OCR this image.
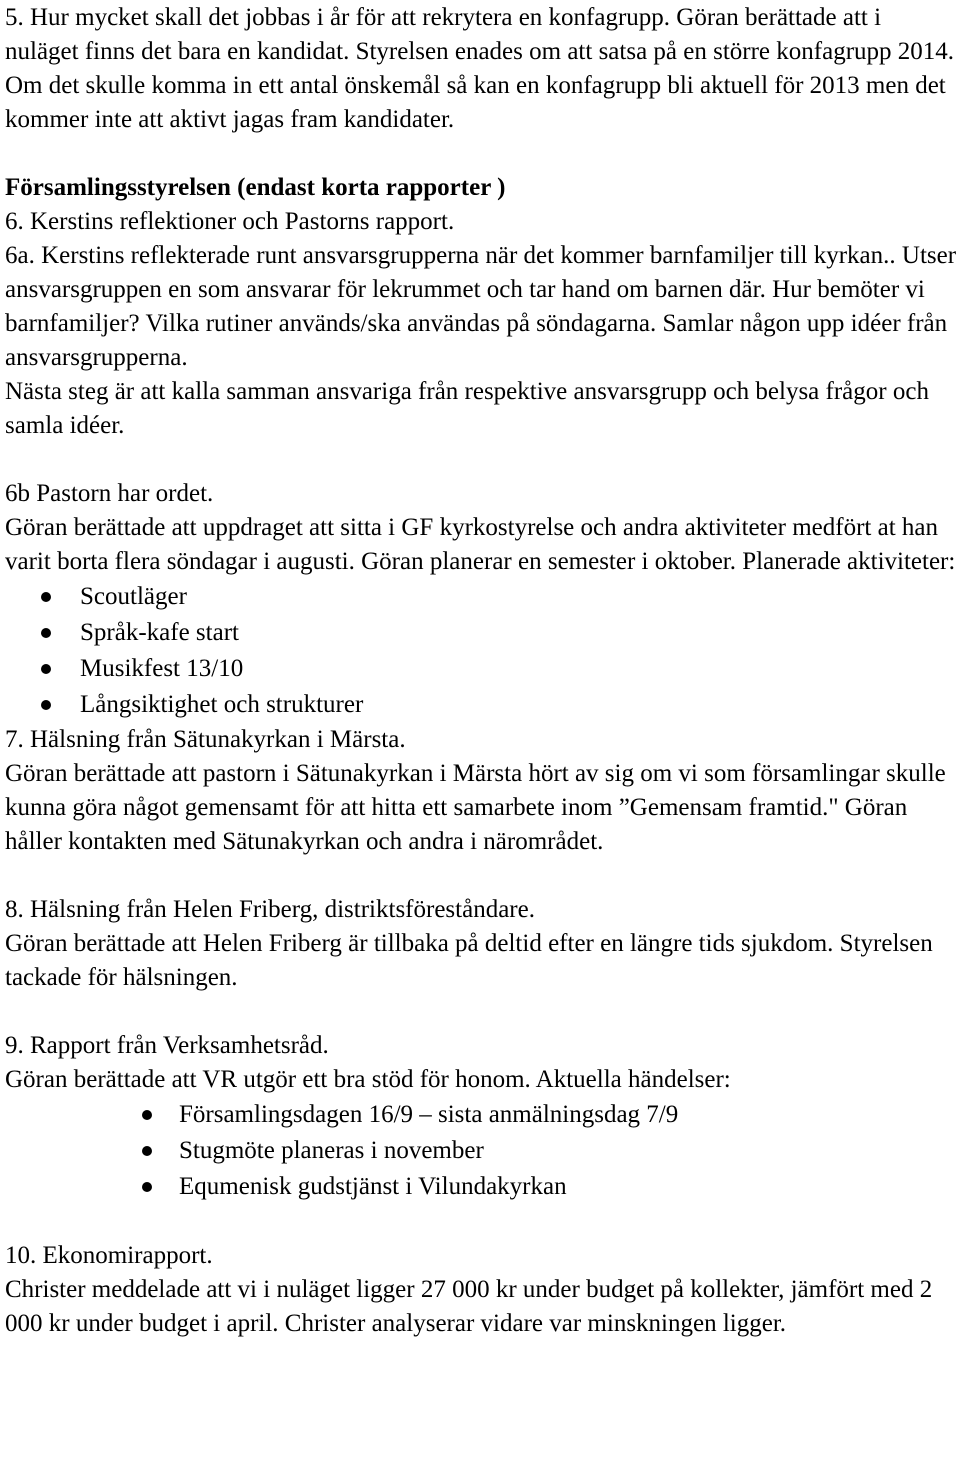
5. Hur mycket skall det jobbas i år för att rekrytera en konfagrupp. Göran berättade att i nuläget finns det bara en kandidat. Styrelsen enades om att satsa på en större konfagrupp 2014. Om det skulle komma in ett antal önskemål så kan en konfagrupp bli aktuell för 2013 men det kommer inte att aktivt jagas fram kandidater.

Församlingsstyrelsen (endast korta rapporter )

6. Kerstins reflektioner och Pastorns rapport.

6a. Kerstins reflekterade runt ansvarsgrupperna när det kommer barnfamiljer till kyrkan.. Utser ansvarsgruppen en som ansvarar för lekrummet och tar hand om barnen där. Hur bemöter vi barnfamiljer? Vilka rutiner används/ska användas på söndagarna. Samlar någon upp idéer från ansvarsgrupperna.

Nästa steg är att kalla samman ansvariga från respektive ansvarsgrupp och belysa frågor och samla idéer.

6b Pastorn har ordet.

Göran berättade att uppdraget att sitta i GF kyrkostyrelse och andra aktiviteter medfört at han varit borta flera söndagar i augusti. Göran planerar en semester i oktober. Planerade aktiviteter:

Scoutläger
Språk-kafe start
Musikfest 13/10
Långsiktighet och strukturer

7. Hälsning från Sätunakyrkan i Märsta.

Göran berättade att pastorn i Sätunakyrkan i Märsta hört av sig om vi som församlingar skulle kunna göra något gemensamt för att hitta ett samarbete inom ”Gemensam framtid." Göran håller kontakten med Sätunakyrkan och andra i närområdet.

8. Hälsning från Helen Friberg, distriktsföreståndare.

Göran berättade att Helen Friberg är tillbaka på deltid efter en längre tids sjukdom. Styrelsen tackade för hälsningen.

9. Rapport från Verksamhetsråd.

Göran berättade att VR utgör ett bra stöd för honom. Aktuella händelser:

Församlingsdagen 16/9 – sista anmälningsdag 7/9
Stugmöte planeras i november
Equmenisk gudstjänst i Vilundakyrkan

10. Ekonomirapport.

Christer meddelade att vi i nuläget ligger 27 000 kr under budget på kollekter, jämfört med 2 000 kr under budget i april. Christer analyserar vidare var minskningen ligger.
